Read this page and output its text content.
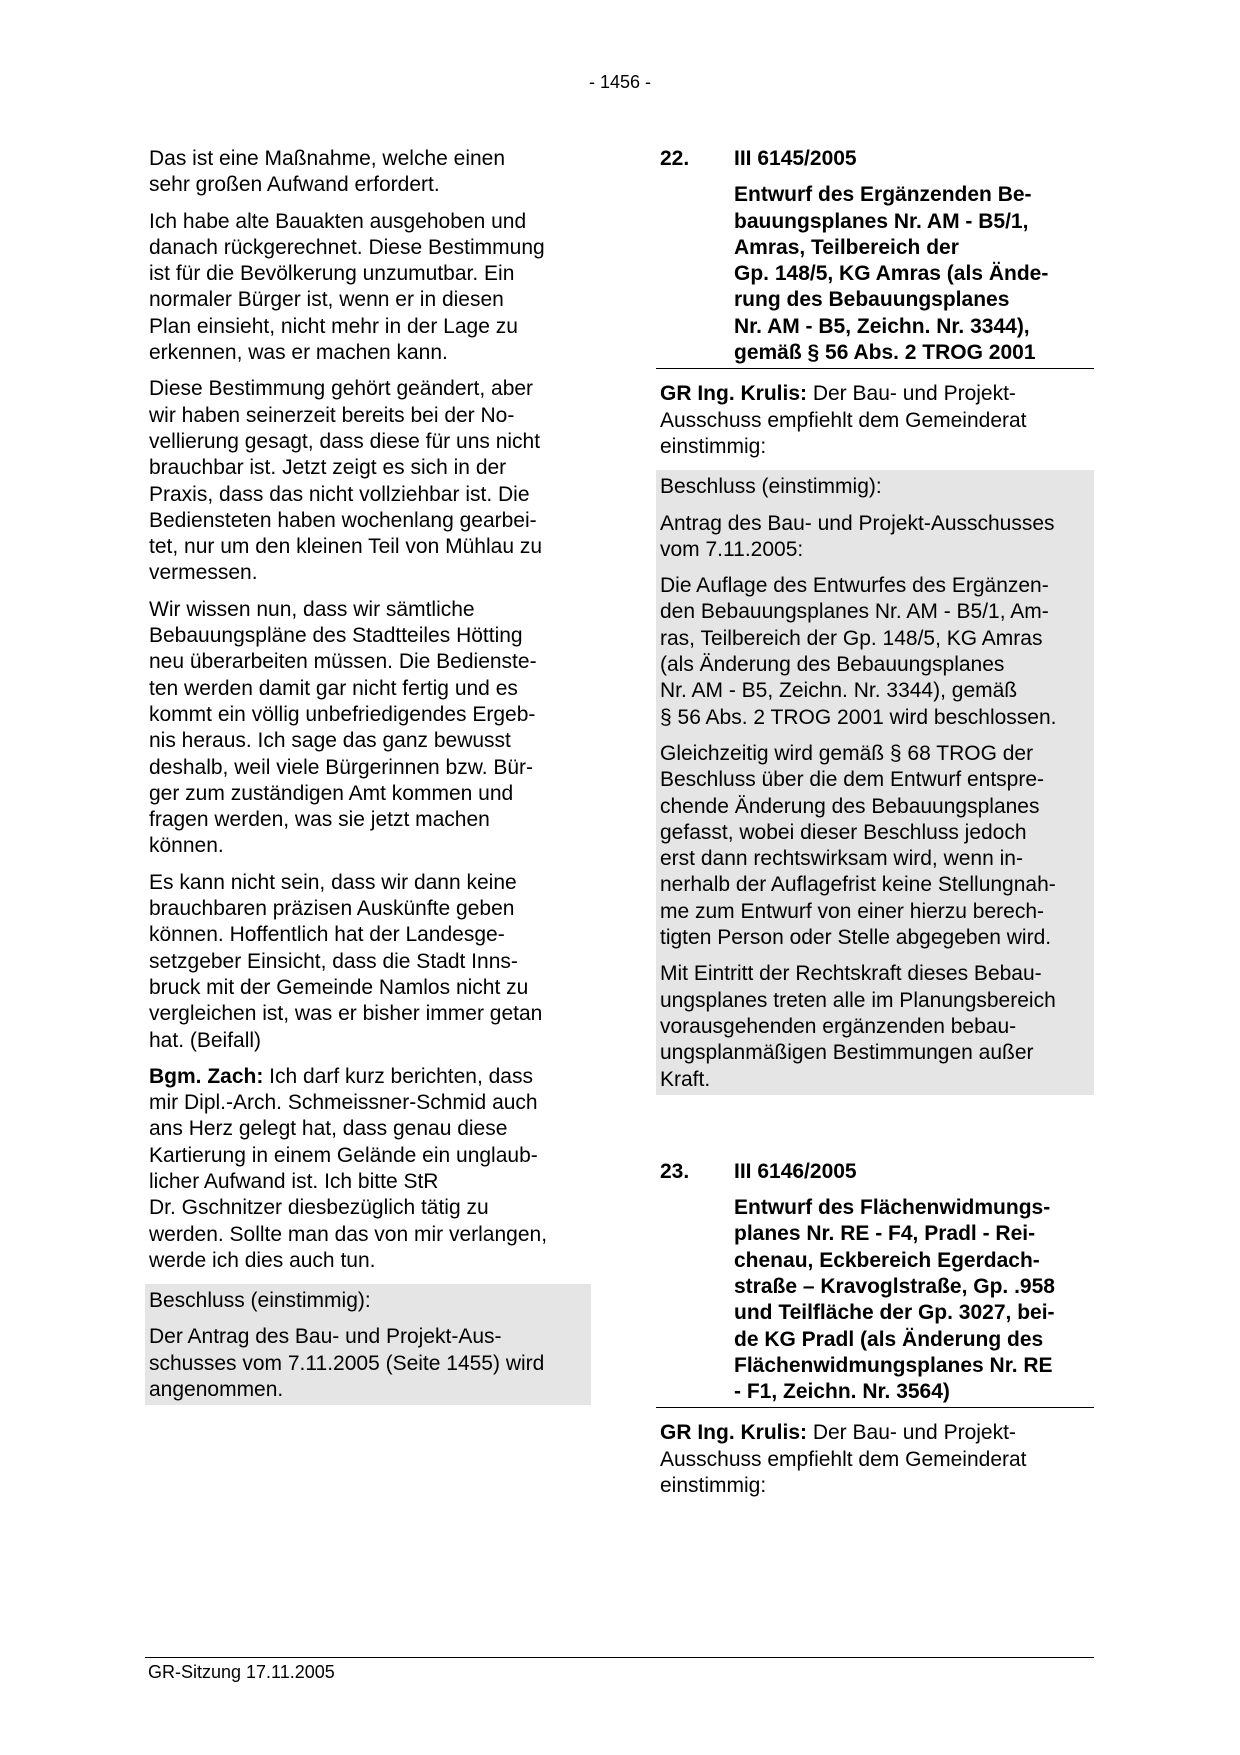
- 1456 -
Das ist eine Maßnahme, welche einen
sehr großen Aufwand erfordert.
Ich habe alte Bauakten ausgehoben und
danach rückgerechnet. Diese Bestimmung
ist für die Bevölkerung unzumutbar. Ein
normaler Bürger ist, wenn er in diesen
Plan einsieht, nicht mehr in der Lage zu
erkennen, was er machen kann.
Diese Bestimmung gehört geändert, aber
wir haben seinerzeit bereits bei der No-
vellierung gesagt, dass diese für uns nicht
brauchbar ist. Jetzt zeigt es sich in der
Praxis, dass das nicht vollziehbar ist. Die
Bediensteten haben wochenlang gearbei-
tet, nur um den kleinen Teil von Mühlau zu
vermessen.
Wir wissen nun, dass wir sämtliche
Bebauungspläne des Stadtteiles Hötting
neu überarbeiten müssen. Die Bedienste-
ten werden damit gar nicht fertig und es
kommt ein völlig unbefriedigendes Ergeb-
nis heraus. Ich sage das ganz bewusst
deshalb, weil viele Bürgerinnen bzw. Bür-
ger zum zuständigen Amt kommen und
fragen werden, was sie jetzt machen
können.
Es kann nicht sein, dass wir dann keine
brauchbaren präzisen Auskünfte geben
können. Hoffentlich hat der Landesge-
setzgeber Einsicht, dass die Stadt Inns-
bruck mit der Gemeinde Namlos nicht zu
vergleichen ist, was er bisher immer getan
hat. (Beifall)
Bgm. Zach: Ich darf kurz berichten, dass
mir Dipl.-Arch. Schmeissner-Schmid auch
ans Herz gelegt hat, dass genau diese
Kartierung in einem Gelände ein unglaub-
licher Aufwand ist. Ich bitte StR
Dr. Gschnitzer diesbezüglich tätig zu
werden. Sollte man das von mir verlangen,
werde ich dies auch tun.
Beschluss (einstimmig):
Der Antrag des Bau- und Projekt-Aus-
schusses vom 7.11.2005 (Seite 1455) wird
angenommen.
22. III 6145/2005
Entwurf des Ergänzenden Be-
bauungsplanes Nr. AM - B5/1,
Amras, Teilbereich der
Gp. 148/5, KG Amras (als Ände-
rung des Bebauungsplanes
Nr. AM - B5, Zeichn. Nr. 3344),
gemäß § 56 Abs. 2 TROG 2001
GR Ing. Krulis: Der Bau- und Projekt-
Ausschuss empfiehlt dem Gemeinderat
einstimmig:
Beschluss (einstimmig):
Antrag des Bau- und Projekt-Ausschusses
vom 7.11.2005:
Die Auflage des Entwurfes des Ergänzen-
den Bebauungsplanes Nr. AM - B5/1, Am-
ras, Teilbereich der Gp. 148/5, KG Amras
(als Änderung des Bebauungsplanes
Nr. AM - B5, Zeichn. Nr. 3344), gemäß
§ 56 Abs. 2 TROG 2001 wird beschlossen.
Gleichzeitig wird gemäß § 68 TROG der
Beschluss über die dem Entwurf entspre-
chende Änderung des Bebauungsplanes
gefasst, wobei dieser Beschluss jedoch
erst dann rechtswirksam wird, wenn in-
nerhalb der Auflagefrist keine Stellungnah-
me zum Entwurf von einer hierzu berech-
tigten Person oder Stelle abgegeben wird.
Mit Eintritt der Rechtskraft dieses Bebau-
ungsplanes treten alle im Planungsbereich
vorausgehenden ergänzenden bebau-
ungsplanmäßigen Bestimmungen außer
Kraft.
23. III 6146/2005
Entwurf des Flächenwidmungs-
planes Nr. RE - F4, Pradl - Rei-
chenau, Eckbereich Egerdach-
straße – Kravoglstraße, Gp. .958
und Teilfläche der Gp. 3027, bei-
de KG Pradl (als Änderung des
Flächenwidmungsplanes Nr. RE
- F1, Zeichn. Nr. 3564)
GR Ing. Krulis: Der Bau- und Projekt-
Ausschuss empfiehlt dem Gemeinderat
einstimmig:
GR-Sitzung 17.11.2005
